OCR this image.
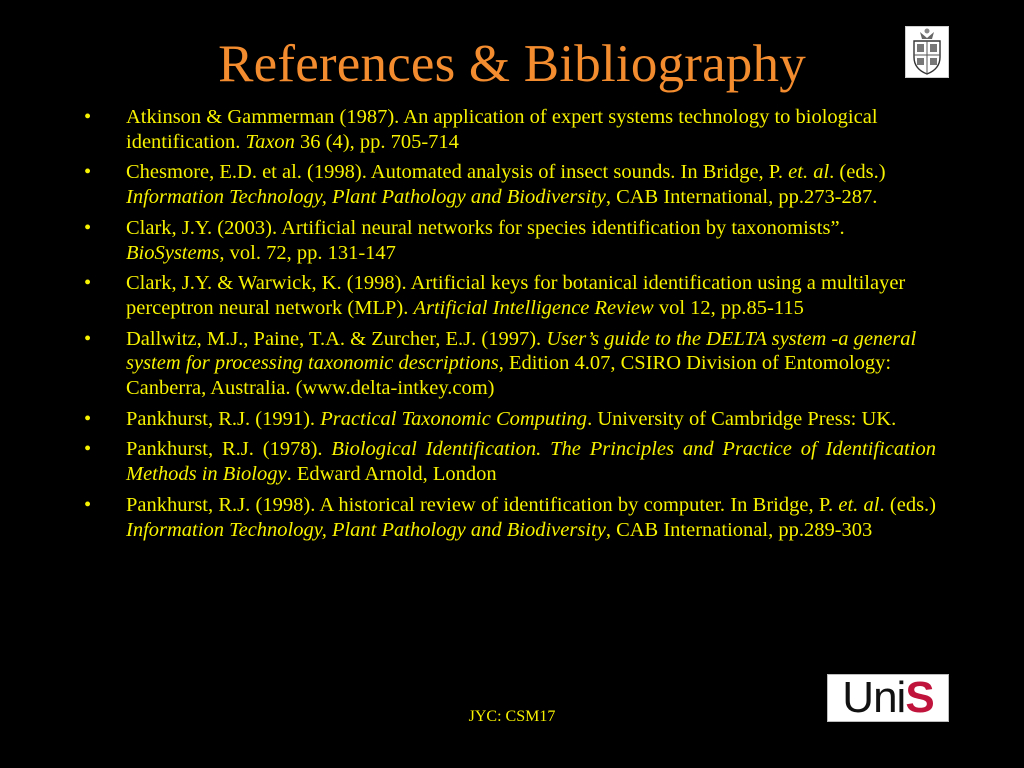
References & Bibliography
•	Atkinson & Gammerman (1987). An application of expert systems technology to biological identification. Taxon 36 (4), pp. 705-714
•	Chesmore, E.D. et al. (1998). Automated analysis of insect sounds. In Bridge, P. et. al. (eds.) Information Technology, Plant Pathology and Biodiversity, CAB International, pp.273-287.
•	Clark, J.Y. (2003). Artificial neural networks for species identification by taxonomists”. BioSystems, vol. 72, pp. 131-147
•	Clark, J.Y. & Warwick, K. (1998). Artificial keys for botanical identification using a multilayer perceptron neural network (MLP). Artificial Intelligence Review vol 12, pp.85-115
•	Dallwitz, M.J., Paine, T.A. & Zurcher, E.J. (1997). User’s guide to the DELTA system -a general system for processing taxonomic descriptions, Edition 4.07, CSIRO Division of Entomology: Canberra, Australia. (www.delta-intkey.com)
•	Pankhurst, R.J. (1991). Practical Taxonomic Computing. University of Cambridge Press: UK.
•	Pankhurst, R.J. (1978). Biological Identification. The Principles and Practice of Identification Methods in Biology. Edward Arnold, London
•	Pankhurst, R.J. (1998). A historical review of identification by computer. In Bridge, P. et. al. (eds.) Information Technology, Plant Pathology and Biodiversity, CAB International, pp.289-303
JYC: CSM17	UniS
